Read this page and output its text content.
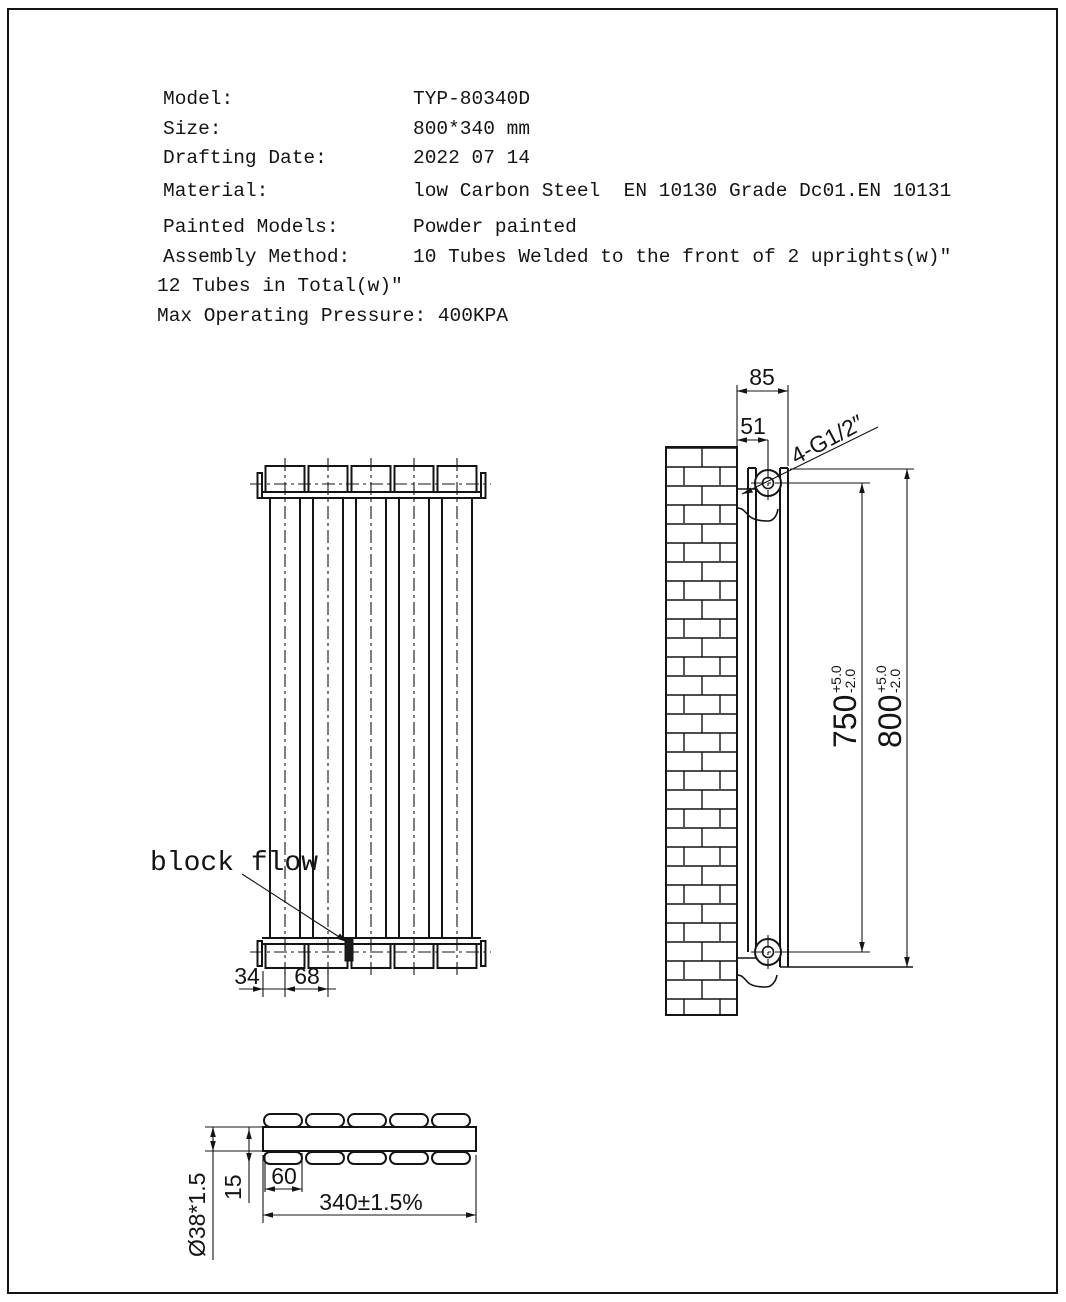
Model:	TYP-80340D
Size:	800*340 mm
Drafting Date:	2022 07 14
Material:	low Carbon Steel  EN 10130 Grade Dc01.EN 10131
Painted Models:	Powder painted
Assembly Method:	10 Tubes Welded to the front of 2 uprights(w)″
12 Tubes in Total(w)″
Max Operating Pressure: 400KPA
block flow
34 68
85
51 4-G1/2″
750
+5.0
-2.0
800
+5.0
-2.0
Ø38*1.5 15 60
340±1.5%
